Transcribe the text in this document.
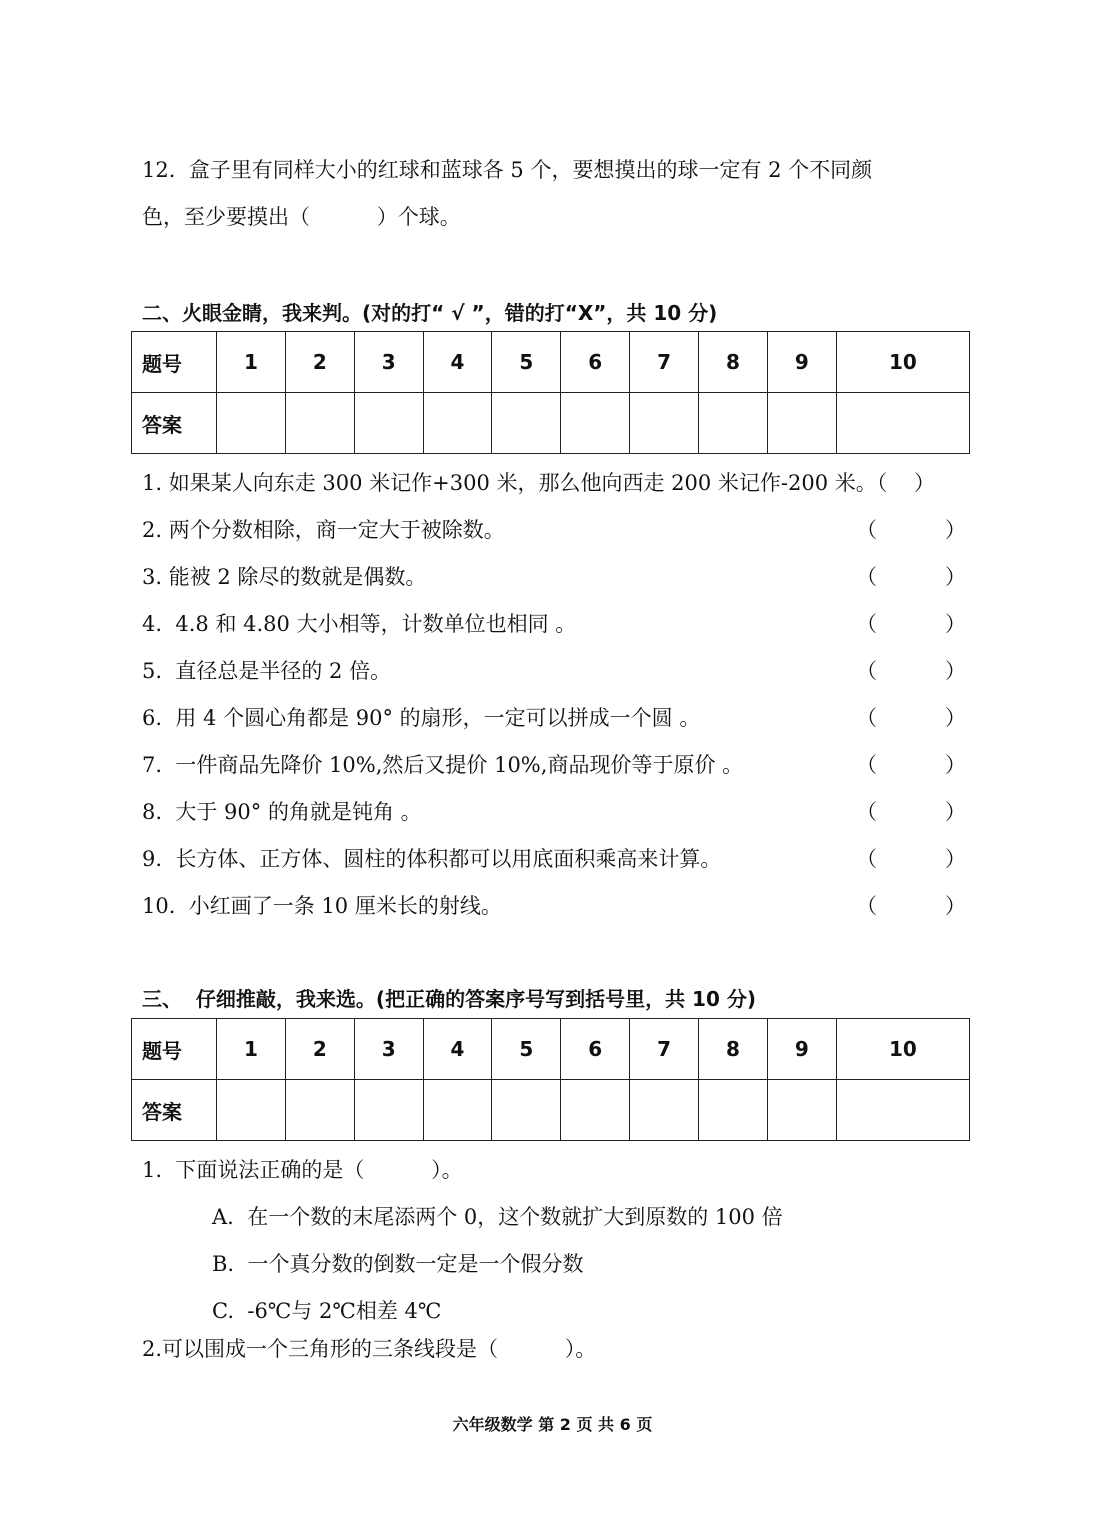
12.  盒子里有同样大小的红球和蓝球各 5 个，要想摸出的球一定有 2 个不同颜
色，至少要摸出（          ）个球。
二、火眼金睛，我来判。(对的打“ √ ”，错的打“X”，共 10 分)
题号	1	2	3	4	5	6	7	8	9	10
答案										
1. 如果某人向东走 300 米记作+300 米，那么他向西走 200 米记作-200 米。（    ）
2. 两个分数相除，商一定大于被除数。	（	）
3. 能被 2 除尽的数就是偶数。	（	）
4.  4.8 和 4.80 大小相等，计数单位也相同 。	（	）
5.  直径总是半径的 2 倍。	（	）
6.  用 4 个圆心角都是 90° 的扇形，一定可以拼成一个圆 。	（	）
7.  一件商品先降价 10%,然后又提价 10%,商品现价等于原价 。	（	）
8.  大于 90° 的角就是钝角 。	（	）
9.  长方体、正方体、圆柱的体积都可以用底面积乘高来计算。	（	）
10.  小红画了一条 10 厘米长的射线。	（	）
三、  仔细推敲，我来选。(把正确的答案序号写到括号里，共 10 分)
题号	1	2	3	4	5	6	7	8	9	10
答案										
1.  下面说法正确的是（          ）。
A.  在一个数的末尾添两个 0，这个数就扩大到原数的 100 倍
B.  一个真分数的倒数一定是一个假分数
C.  -6℃与 2℃相差 4℃
2.可以围成一个三角形的三条线段是（          ）。
六年级数学 第 2 页 共 6 页
